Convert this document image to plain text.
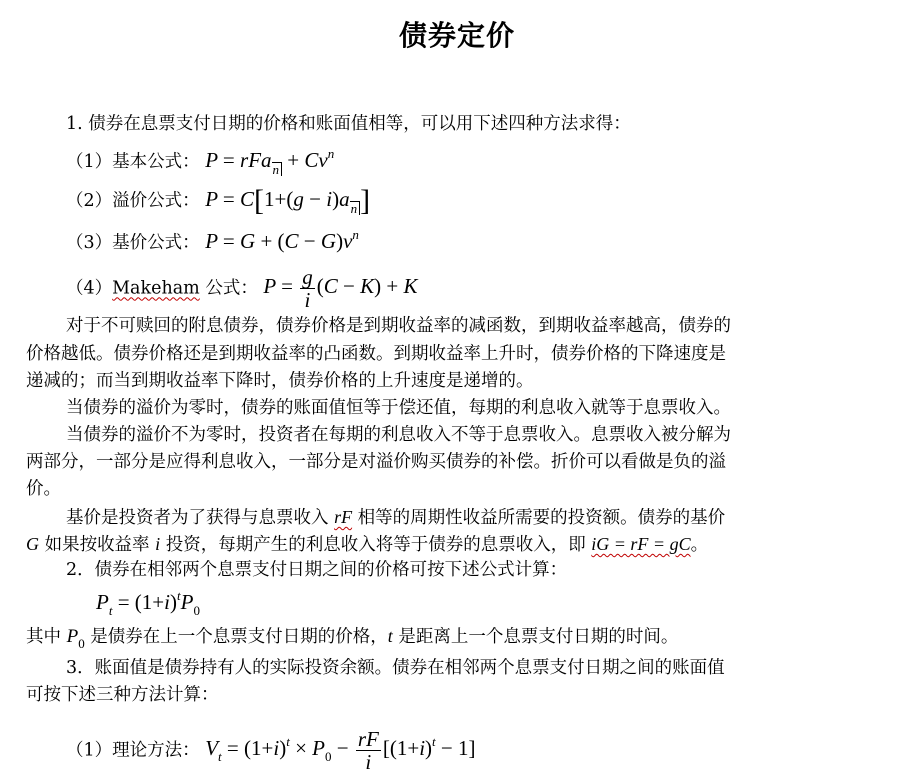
债券定价
1. 债券在息票支付日期的价格和账面值相等，可以用下述四种方法求得：
（1）基本公式： P = rFan + $Cv^n$
（2）溢价公式： P = C[1+(g − i)an ]
（3）基价公式： $P = G + (C - G)v^n$
（4）Makeham 公式： $P = \frac{g}{i} (C - K) + K$
对于不可赎回的附息债券，债券价格是到期收益率的减函数，到期收益率越高，债券的
价格越低。债券价格还是到期收益率的凸函数。到期收益率上升时，债券价格的下降速度是
递减的；而当到期收益率下降时，债券价格的上升速度是递增的。
当债券的溢价为零时，债券的账面值恒等于偿还值，每期的利息收入就等于息票收入。
当债券的溢价不为零时，投资者在每期的利息收入不等于息票收入。息票收入被分解为
两部分，一部分是应得利息收入，一部分是对溢价购买债券的补偿。折价可以看做是负的溢
价。
基价是投资者为了获得与息票收入 rF 相等的周期性收益所需要的投资额。债券的基价
G 如果按收益率 i 投资，每期产生的利息收入将等于债券的息票收入，即 iG = rF = gC。
2．债券在相邻两个息票支付日期之间的价格可按下述公式计算：
$P_t = (1+i)^tP_0$
其中 $P_0$ 是债券在上一个息票支付日期的价格，t 是距离上一个息票支付日期的时间。
3．账面值是债券持有人的实际投资余额。债券在相邻两个息票支付日期之间的账面值
可按下述三种方法计算：
（1）理论方法： $V_t = (1+i)^t \times P_0 - \frac{rF}{i} [(1+i)^t - 1]$
